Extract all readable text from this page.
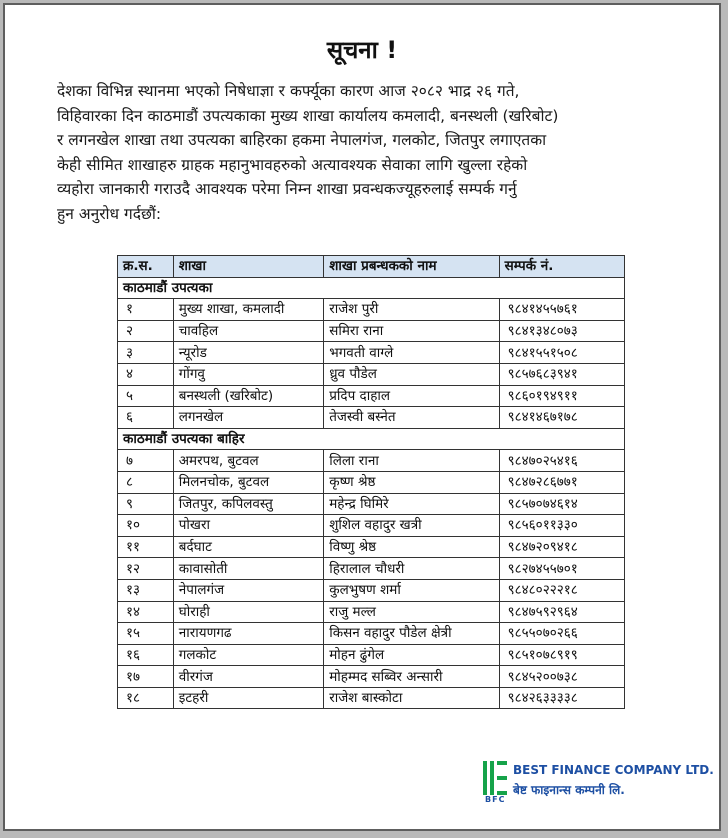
सूचना !
देशका विभिन्न स्थानमा भएको निषेधाज्ञा र कर्फ्यूका कारण आज २०८२ भाद्र २६ गते,
विहिवारका दिन काठमाडौं उपत्यकाका मुख्य शाखा कार्यालय कमलादी, बनस्थली (खरिबोट)
र लगनखेल शाखा तथा उपत्यका बाहिरका हकमा नेपालगंज, गलकोट, जितपुर लगाएतका
केही सीमित शाखाहरु ग्राहक महानुभावहरुको अत्यावश्यक सेवाका लागि खुल्ला रहेको
व्यहोरा जानकारी गराउदै आवश्यक परेमा निम्न शाखा प्रवन्धकज्यूहरुलाई सम्पर्क गर्नु
हुन अनुरोध गर्दछौं:
क्र.स.	शाखा	शाखा प्रबन्धकको नाम	सम्पर्क नं.
काठमाडौं उपत्यका			
१	मुख्य शाखा, कमलादी	राजेश पुरी	९८४१४५५७६१
२	चावहिल	समिरा राना	९८४१३४८०७३
३	न्यूरोड	भगवती वाग्ले	९८४१५५१५०८
४	गोंगवु	ध्रुव पौडेल	९८५७६८३९४१
५	बनस्थली (खरिबोट)	प्रदिप दाहाल	९८६०१९४९११
६	लगनखेल	तेजस्वी बस्नेत	९८४१४६७१७८
काठमाडौं उपत्यका बाहिर			
७	अमरपथ, बुटवल	लिला राना	९८४७०२५४१६
८	मिलनचोक, बुटवल	कृष्ण श्रेष्ठ	९८४७२८६७७१
९	जितपुर, कपिलवस्तु	महेन्द्र घिमिरे	९८५७०७४६१४
१०	पोखरा	शुशिल वहादुर खत्री	९८५६०११३३०
११	बर्दघाट	विष्णु श्रेष्ठ	९८४७२०९४१८
१२	कावासोती	हिरालाल चौधरी	९८२७४५५७०१
१३	नेपालगंज	कुलभुषण शर्मा	९८४८०२२२१८
१४	घोराही	राजु मल्ल	९८४७५९२९६४
१५	नारायणगढ	किसन वहादुर पौडेल क्षेत्री	९८५५०७०२६६
१६	गलकोट	मोहन ढुंगेल	९८५१०७८९१९
१७	वीरगंज	मोहम्मद सब्विर अन्सारी	९८४५२००७३८
१८	इटहरी	राजेश बास्कोटा	९८४२६३३३३८
BFC
BEST FINANCE COMPANY LTD.
बेष्ट फाइनान्स कम्पनी लि.
